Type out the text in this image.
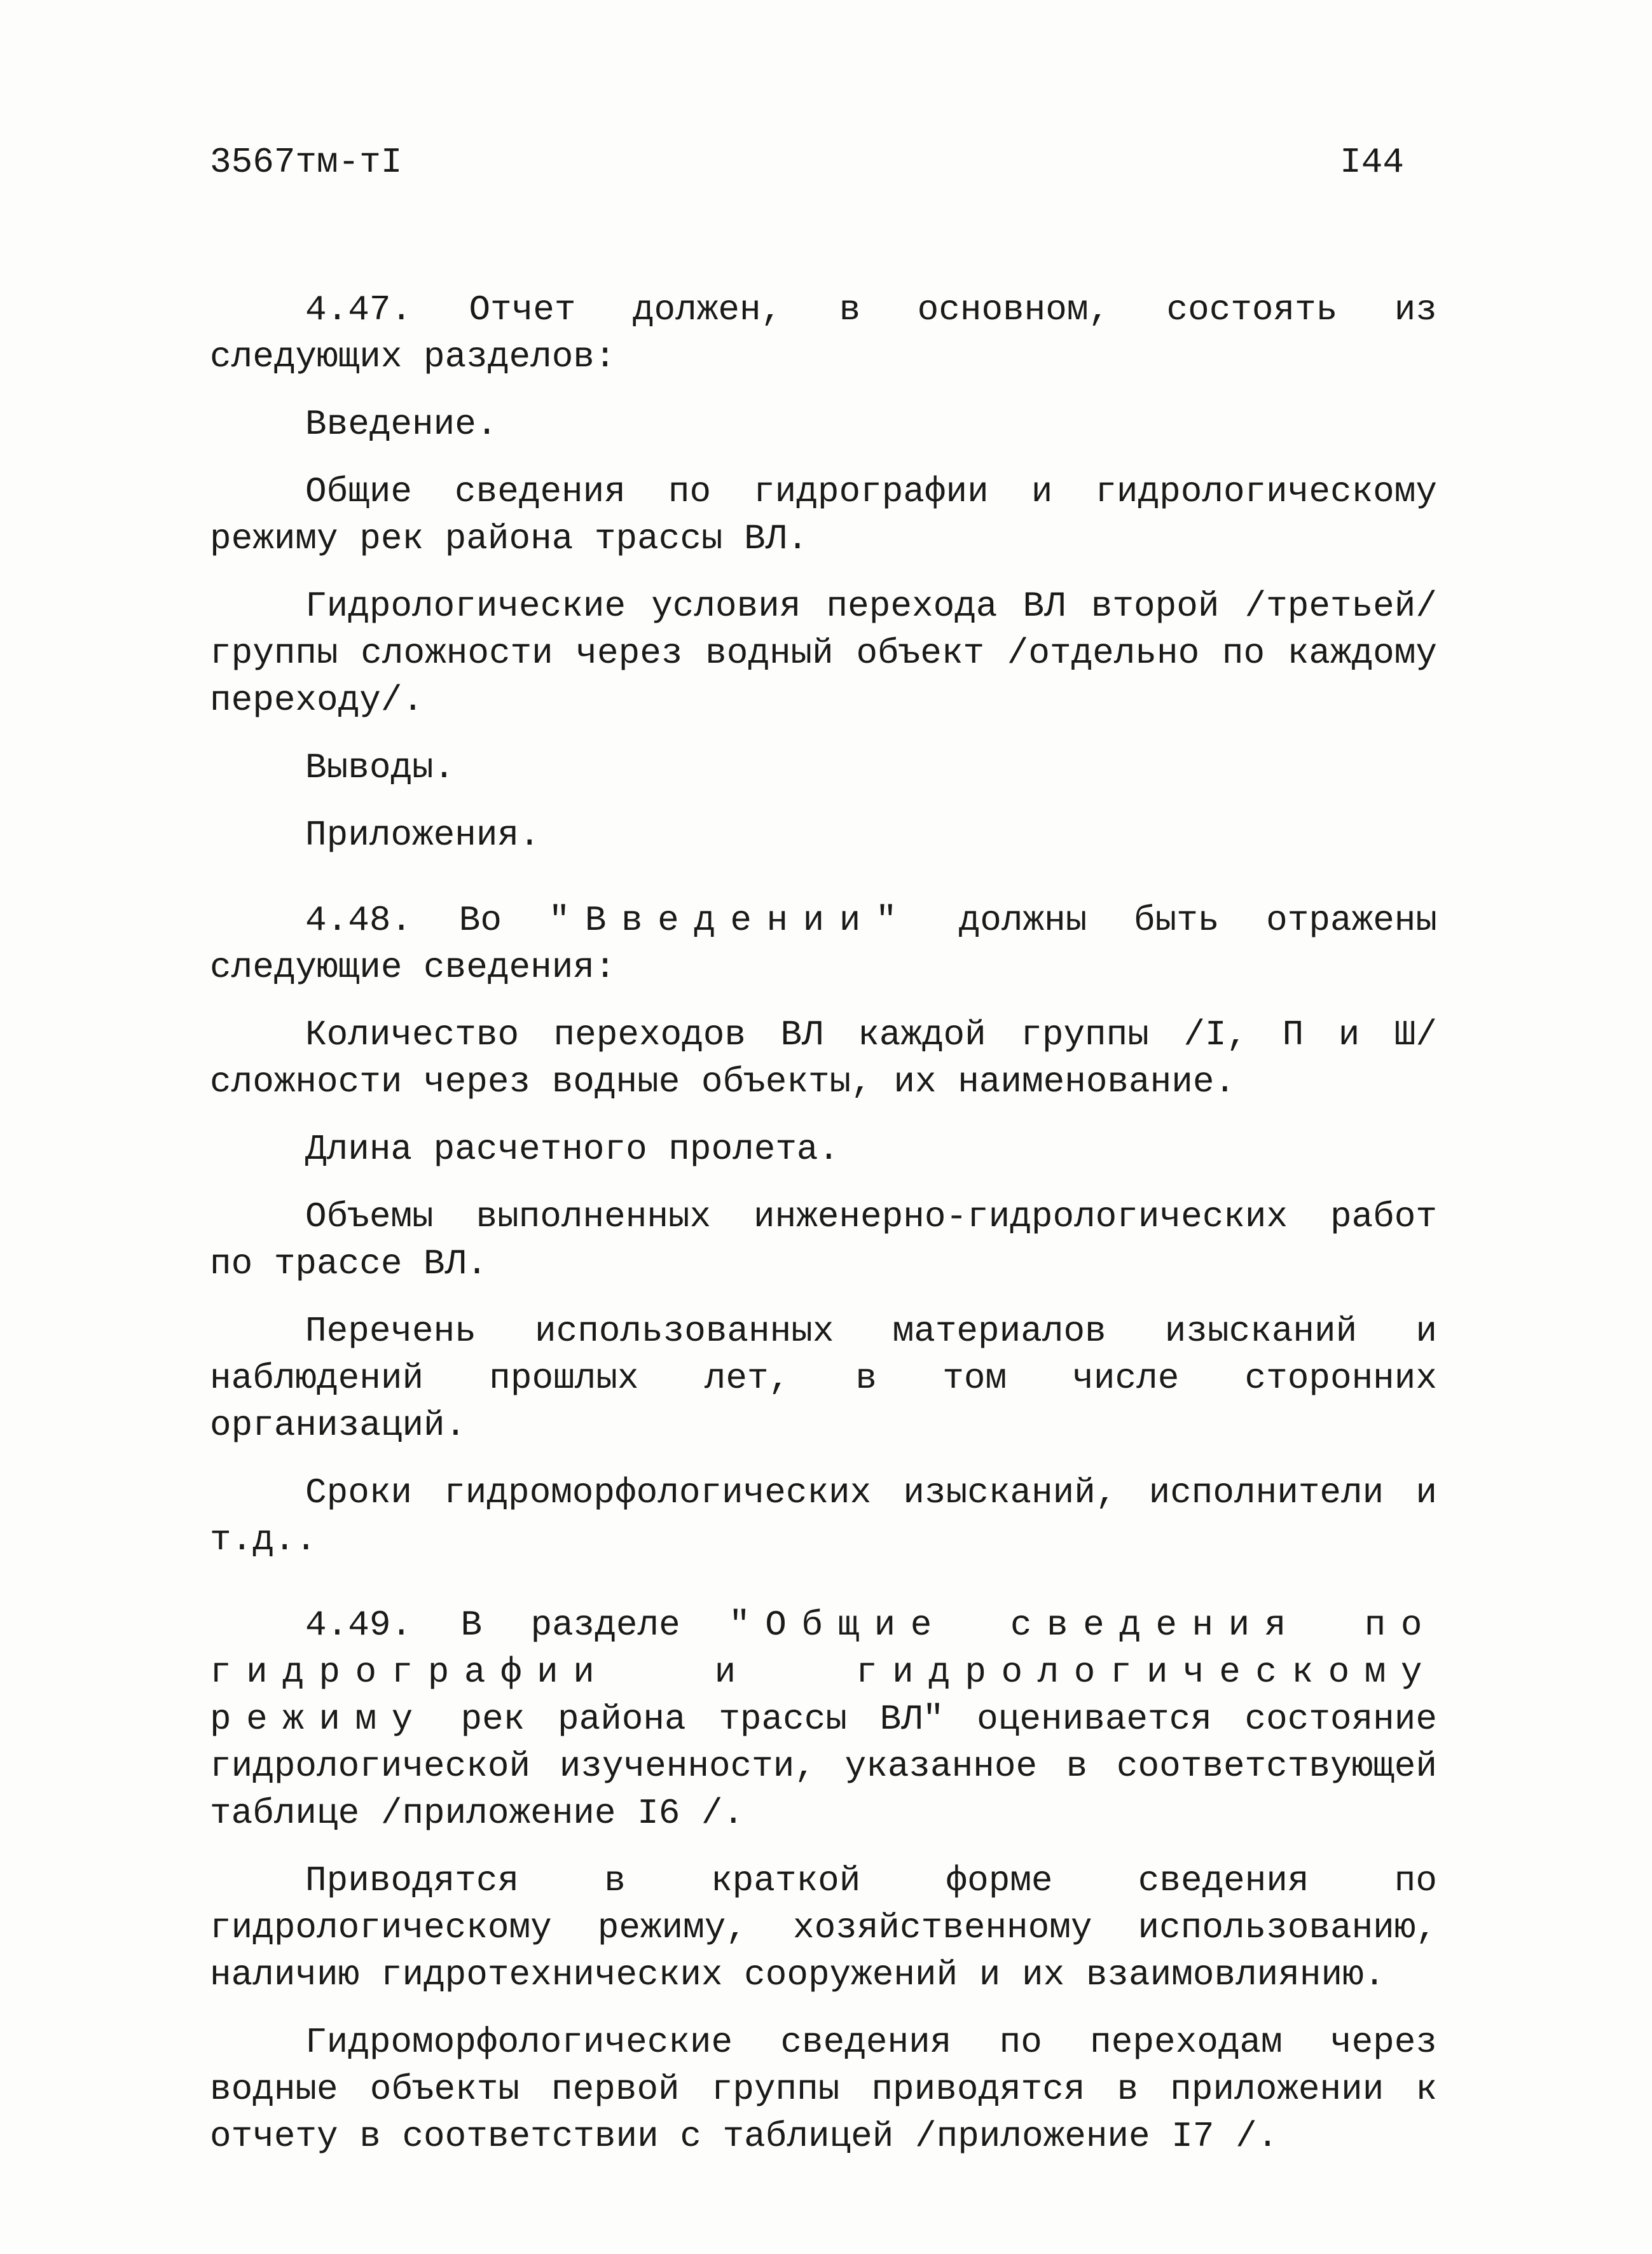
3567тм-тI	I44

4.47. Отчет должен, в основном, состоять из следующих разделов:

Введение.

Общие сведения по гидрографии и гидрологическому режиму рек района трассы ВЛ.

Гидрологические условия перехода ВЛ второй /третьей/ группы сложности через водный объект /отдельно по каждому переходу/.

Выводы.

Приложения.

4.48. Во "Введении" должны быть отражены следующие сведения:

Количество переходов ВЛ каждой группы /I, П и Ш/ сложности через водные объекты, их наименование.

Длина расчетного пролета.

Объемы выполненных инженерно-гидрологических работ по трассе ВЛ.

Перечень использованных материалов изысканий и наблюдений прошлых лет, в том числе сторонних организаций.

Сроки гидроморфологических изысканий, исполнители и т.д..

4.49. В разделе "Общие сведения по гидрографии и гидрологическому режиму рек района трассы ВЛ" оценивается состояние гидрологической изученности, указанное в соответствующей таблице /приложение I6 /.

Приводятся в краткой форме сведения по гидрологическому режиму, хозяйственному использованию, наличию гидротехнических сооружений и их взаимовлиянию.

Гидроморфологические сведения по переходам через водные объекты первой группы приводятся в приложении к отчету в соответствии с таблицей /приложение I7 /.
